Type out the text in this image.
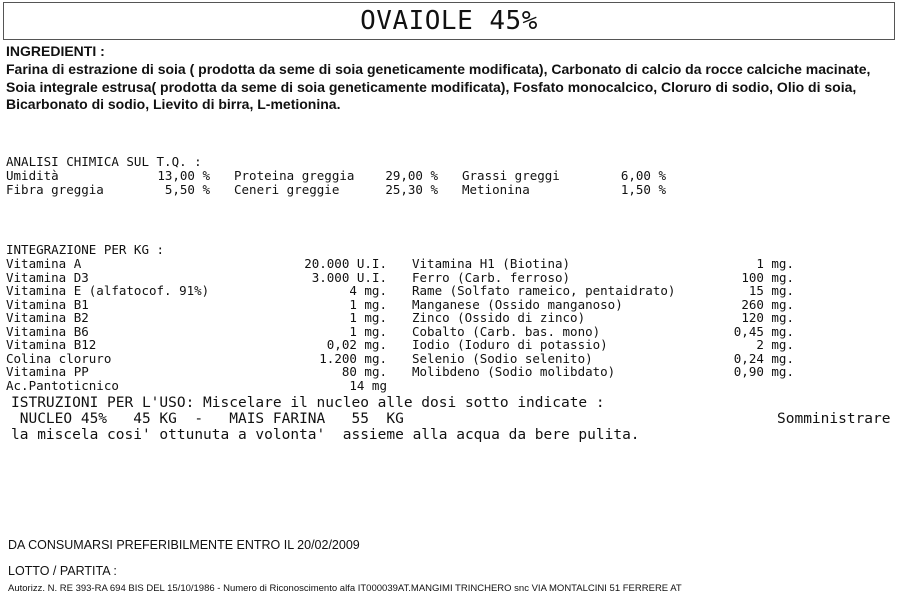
OVAIOLE 45%
INGREDIENTI :
Farina di estrazione di soia ( prodotta da seme di soia geneticamente modificata), Carbonato di calcio da rocce calciche macinate, Soia integrale estrusa( prodotta da seme di soia geneticamente modificata), Fosfato monocalcico, Cloruro di sodio, Olio di soia, Bicarbonato di sodio, Lievito di birra, L-metionina.
ANALISI CHIMICA SUL T.Q. :
Umidità	13,00 %		Proteina greggia	29,00 %		Grassi greggi	6,00 %
Fibra greggia	5,50 %		Ceneri greggie	25,30 %		Metionina	1,50 %
INTEGRAZIONE PER KG :
Vitamina A	20.000 U.I.
Vitamina D3	3.000 U.I.
Vitamina E (alfatocof. 91%)	4 mg.
Vitamina B1	1 mg.
Vitamina B2	1 mg.
Vitamina B6	1 mg.
Vitamina B12	0,02 mg.
Colina cloruro	1.200 mg.
Vitamina PP	80 mg.
Ac.Pantoticnico	14 mg
Vitamina H1 (Biotina)	1 mg.
Ferro (Carb. ferroso)	100 mg.
Rame (Solfato rameico, pentaidrato)	15 mg.
Manganese (Ossido manganoso)	260 mg.
Zinco (Ossido di zinco)	120 mg.
Cobalto (Carb. bas. mono)	0,45 mg.
Iodio (Ioduro di potassio)	2 mg.
Selenio (Sodio selenito)	0,24 mg.
Molibdeno (Sodio molibdato)	0,90 mg.
ISTRUZIONI PER L'USO: Miscelare il nucleo alle dosi sotto indicate :
NUCLEO 45%   45 KG  -   MAIS FARINA   55  KG	Somministrare
la miscela cosi' ottunuta a volonta'  assieme alla acqua da bere pulita.
DA CONSUMARSI PREFERIBILMENTE ENTRO IL 20/02/2009
LOTTO / PARTITA :
Autorizz. N. RE 393-RA 694 BIS DEL 15/10/1986 - Numero di Riconoscimento alfa IT000039AT.MANGIMI TRINCHERO snc VIA MONTALCINI 51 FERRERE AT
